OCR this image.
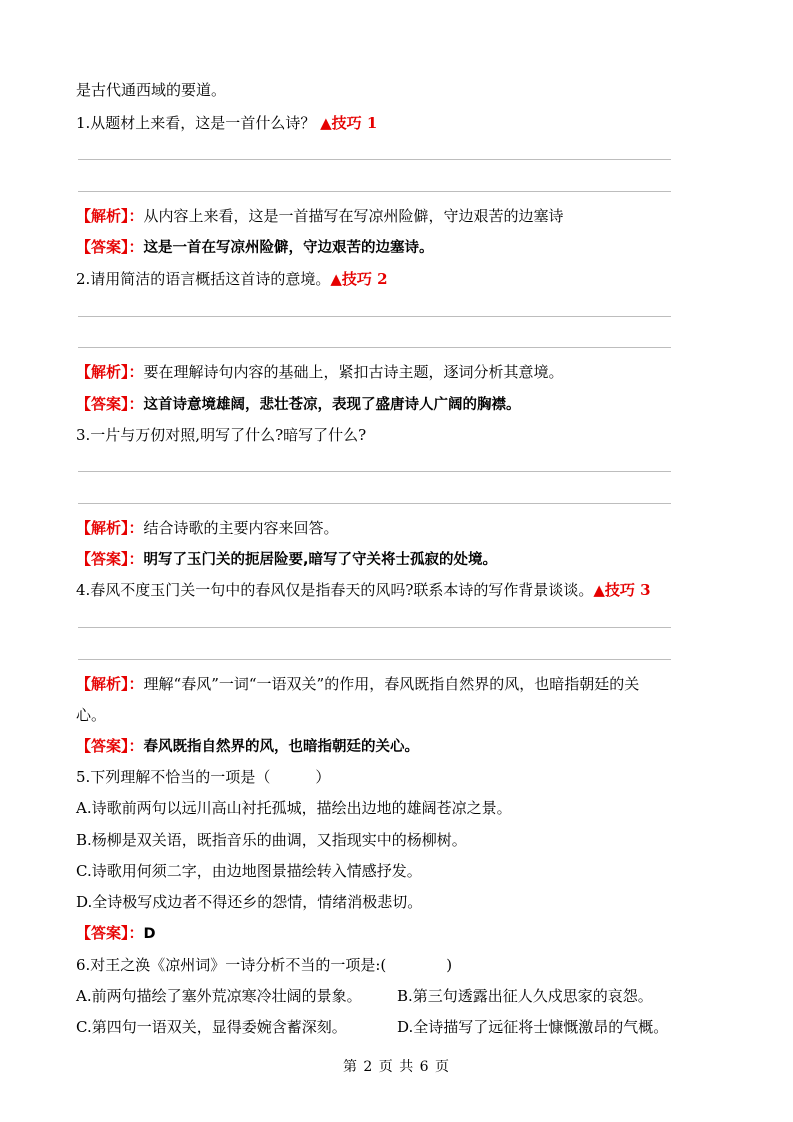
是古代通西域的要道。
1.从题材上来看，这是一首什么诗？ ▲技巧 1
【解析】：从内容上来看，这是一首描写在写凉州险僻，守边艰苦的边塞诗
【答案】：这是一首在写凉州险僻，守边艰苦的边塞诗。
2.请用简洁的语言概括这首诗的意境。▲技巧 2
【解析】：要在理解诗句内容的基础上，紧扣古诗主题，逐词分析其意境。
【答案】：这首诗意境雄阔，悲壮苍凉，表现了盛唐诗人广阔的胸襟。
3.一片与万仞对照,明写了什么?暗写了什么?
【解析】：结合诗歌的主要内容来回答。
【答案】：明写了玉门关的扼居险要,暗写了守关将士孤寂的处境。
4.春风不度玉门关一句中的春风仅是指春天的风吗?联系本诗的写作背景谈谈。▲技巧 3
【解析】：理解“春风”一词“一语双关”的作用，春风既指自然界的风，也暗指朝廷的关
心。
【答案】：春风既指自然界的风，也暗指朝廷的关心。
5.下列理解不恰当的一项是（　　　）
A.诗歌前两句以远川高山衬托孤城，描绘出边地的雄阔苍凉之景。
B.杨柳是双关语，既指音乐的曲调，又指现实中的杨柳树。
C.诗歌用何须二字，由边地图景描绘转入情感抒发。
D.全诗极写戍边者不得还乡的怨情，情绪消极悲切。
【答案】：D
6.对王之涣《凉州词》一诗分析不当的一项是:(　　　　)
A.前两句描绘了塞外荒凉寒冷壮阔的景象。 B.第三句透露出征人久戍思家的哀怨。
C.第四句一语双关，显得委婉含蓄深刻。	D.全诗描写了远征将士慷慨激昂的气概。
第 2 页 共 6 页
